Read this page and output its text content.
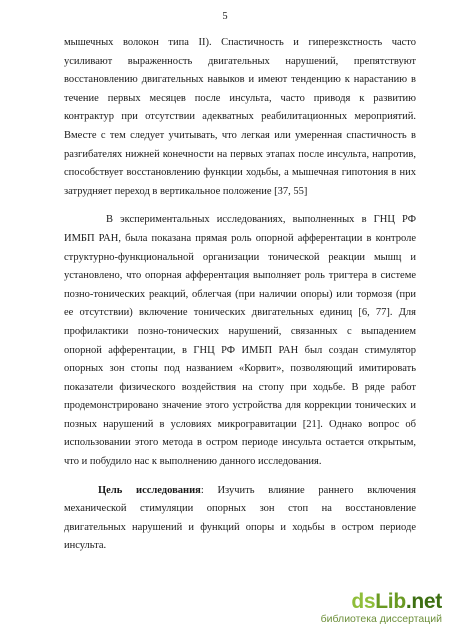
5
мышечных волокон типа II). Спастичность и гиперезкстность часто
усиливают выраженность двигательных нарушений, препятствуют
восстановлению двигательных навыков и имеют тенденцию к нарастанию в
течение первых месяцев после инсульта, часто приводя к развитию
контрактур при отсутствии адекватных реабилитационных мероприятий.
Вместе с тем следует учитывать, что легкая или умеренная спастичность в
разгибателях нижней конечности на первых этапах после инсульта, напротив,
способствует восстановлению функции ходьбы, а мышечная гипотония в них
затрудняет переход в вертикальное положение [37, 55]
В экспериментальных исследованиях, выполненных в ГНЦ РФ
ИМБП РАН, была показана прямая роль опорной афферентации в контроле
структурно-функциональной организации тонической реакции мышц и
установлено, что опорная афферентация выполняет роль тригтера в системе
позно-тонических реакций, облегчая (при наличии опоры) или тормозя (при
ее отсутствии) включение тонических двигательных единиц [6, 77]. Для
профилактики позно-тонических нарушений, связанных с выпадением
опорной афферентации, в ГНЦ РФ ИМБП РАН был создан стимулятор
опорных зон стопы под названием «Корвит», позволяющий имитировать
показатели физического воздействия на стопу при ходьбе. В ряде работ
продемонстрировано значение этого устройства для коррекции тонических и
позных нарушений в условиях микрогравитации [21]. Однако вопрос об
использовании этого метода в остром периоде инсульта остается открытым,
что и побудило нас к выполнению данного исследования.
Цель исследования: Изучить влияние раннего включения
механической стимуляции опорных зон стоп на восстановление
двигательных нарушений и функций опоры и ходьбы в остром периоде
инсульта.
dsLib.net
библиотека диссертаций
